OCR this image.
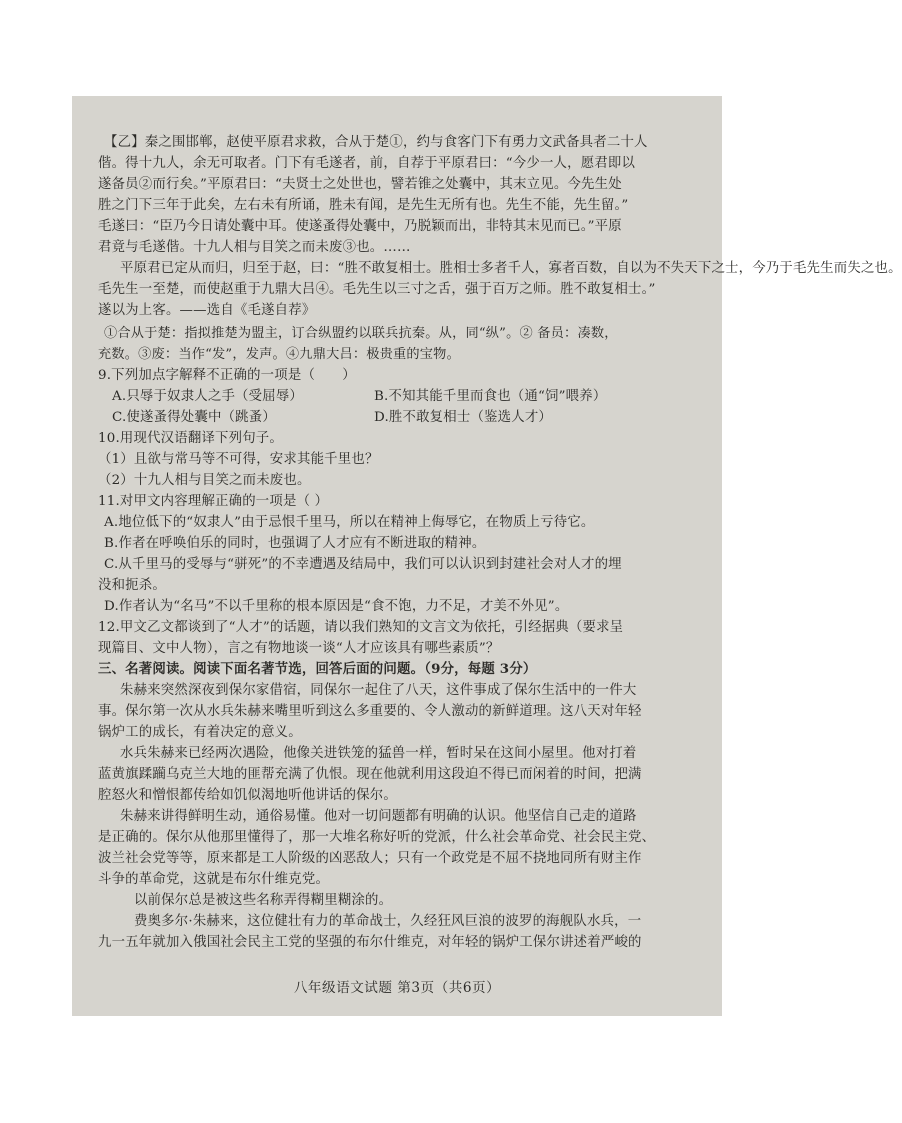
【乙】秦之围邯郸，赵使平原君求救，合从于楚①，约与食客门下有勇力文武备具者二十人

偕。得十九人，余无可取者。门下有毛遂者，前，自荐于平原君曰：“今少一人，愿君即以

遂备员②而行矣。”平原君曰：“夫贤士之处世也，譬若锥之处囊中，其末立见。今先生处

胜之门下三年于此矣，左右未有所诵，胜未有闻，是先生无所有也。先生不能，先生留。”

毛遂曰：“臣乃今日请处囊中耳。使遂蚤得处囊中，乃脱颖而出，非特其末见而已。”平原

君竟与毛遂偕。十九人相与目笑之而未废③也。……

平原君已定从而归，归至于赵，曰：“胜不敢复相士。胜相士多者千人，寡者百数，自以为不失天下之士，今乃于毛先生而失之也。

毛先生一至楚，而使赵重于九鼎大吕④。毛先生以三寸之舌，强于百万之师。胜不敢复相士。”

遂以为上客。——选自《毛遂自荐》

①合从于楚：指拟推楚为盟主，订合纵盟约以联兵抗秦。从，同“纵”。② 备员：凑数，

充数。③废：当作“发”，发声。④九鼎大吕：极贵重的宝物。

9.下列加点字解释不正确的一项是（　　）

A.只辱于奴隶人之手（受屈辱）	B.不知其能千里而食也（通“饲”喂养）

C.使遂蚤得处囊中（跳蚤）	D.胜不敢复相士（鉴选人才）

10.用现代汉语翻译下列句子。

（1）且欲与常马等不可得，安求其能千里也？

（2）十九人相与目笑之而未废也。

11.对甲文内容理解正确的一项是（ ）

A.地位低下的“奴隶人”由于忌恨千里马，所以在精神上侮辱它，在物质上亏待它。

B.作者在呼唤伯乐的同时，也强调了人才应有不断进取的精神。

C.从千里马的受辱与“骈死”的不幸遭遇及结局中，我们可以认识到封建社会对人才的埋

没和扼杀。

D.作者认为“名马”不以千里称的根本原因是“食不饱，力不足，才美不外见”。

12.甲文乙文都谈到了“人才”的话题，请以我们熟知的文言文为依托，引经据典（要求呈

现篇目、文中人物），言之有物地谈一谈“人才应该具有哪些素质”？

三、名著阅读。阅读下面名著节选，回答后面的问题。（9分，每题 3分）

朱赫来突然深夜到保尔家借宿，同保尔一起住了八天，这件事成了保尔生活中的一件大

事。保尔第一次从水兵朱赫来嘴里听到这么多重要的、令人激动的新鲜道理。这八天对年轻

锅炉工的成长，有着决定的意义。

水兵朱赫来已经两次遇险，他像关进铁笼的猛兽一样，暂时呆在这间小屋里。他对打着

蓝黄旗蹂躏乌克兰大地的匪帮充满了仇恨。现在他就利用这段迫不得已而闲着的时间，把满

腔怒火和憎恨都传给如饥似渴地听他讲话的保尔。

朱赫来讲得鲜明生动，通俗易懂。他对一切问题都有明确的认识。他坚信自己走的道路

是正确的。保尔从他那里懂得了，那一大堆名称好听的党派，什么社会革命党、社会民主党、

波兰社会党等等，原来都是工人阶级的凶恶敌人；只有一个政党是不屈不挠地同所有财主作

斗争的革命党，这就是布尔什维克党。

以前保尔总是被这些名称弄得糊里糊涂的。

费奥多尔·朱赫来，这位健壮有力的革命战士，久经狂风巨浪的波罗的海舰队水兵，一

九一五年就加入俄国社会民主工党的坚强的布尔什维克，对年轻的锅炉工保尔讲述着严峻的

八年级语文试题 第3页（共6页）
